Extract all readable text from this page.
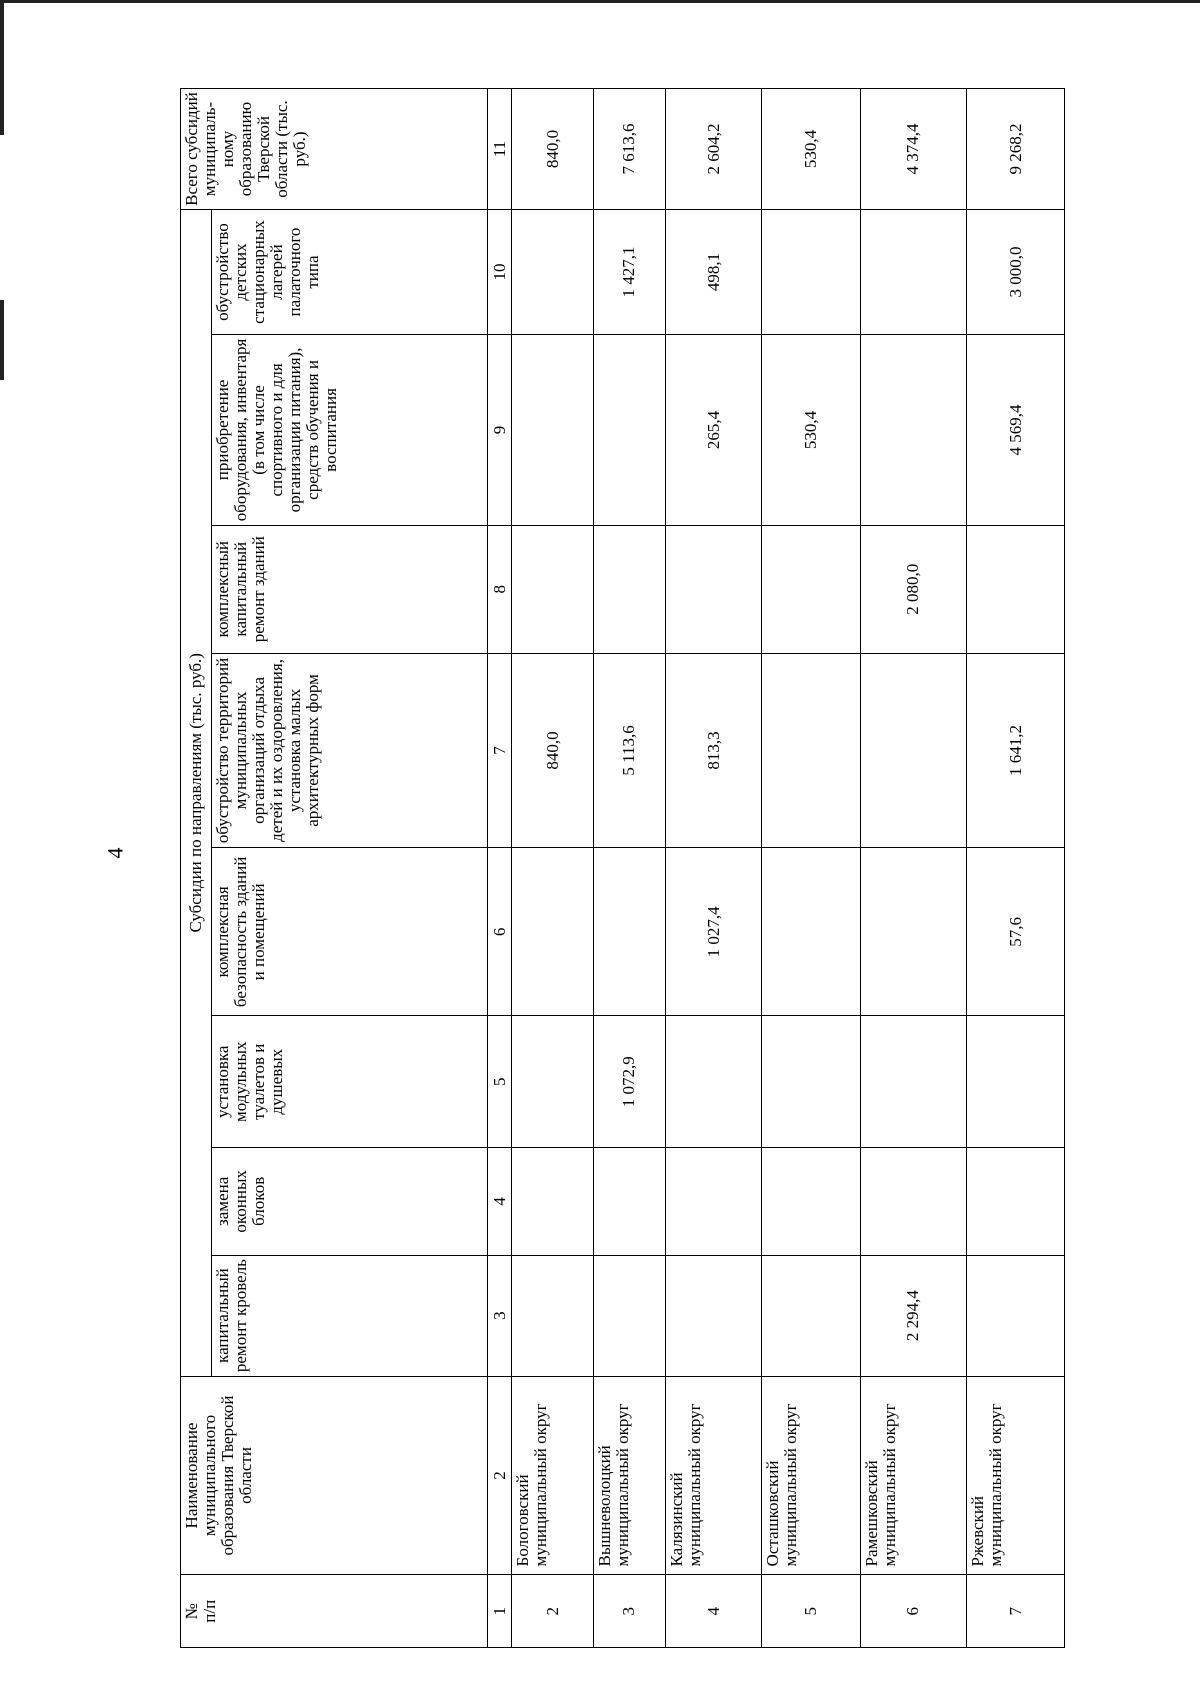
4
№
п/п	Наименование муниципального образования Тверской области	Субсидии по направлениям (тыс. руб.)								Всего субсидий муниципаль-ному образованию Тверской области (тыс. руб.)
		капитальный ремонт кровель	замена оконных блоков	установка модульных туалетов и душевых	комплексная безопасность зданий и помещений	обустройство территорий муниципальных организаций отдыха детей и их оздоровления, установка малых архитектурных форм	комплексный капитальный ремонт зданий	приобретение оборудования, инвентаря (в том числе спортивного и для организации питания), средств обучения и воспитания	обустройство детских стационарных лагерей палаточного типа	
1	2	3	4	5	6	7	8	9	10	11
2	Бологовский муниципальный округ					840,0				840,0
3	Вышневолоцкий муниципальный округ			1 072,9		5 113,6			1 427,1	7 613,6
4	Калязинский муниципальный округ				1 027,4	813,3		265,4	498,1	2 604,2
5	Осташковский муниципальный округ							530,4		530,4
6	Рамешковский муниципальный округ	2 294,4					2 080,0			4 374,4
7	Ржевский муниципальный округ				57,6	1 641,2		4 569,4	3 000,0	9 268,2
